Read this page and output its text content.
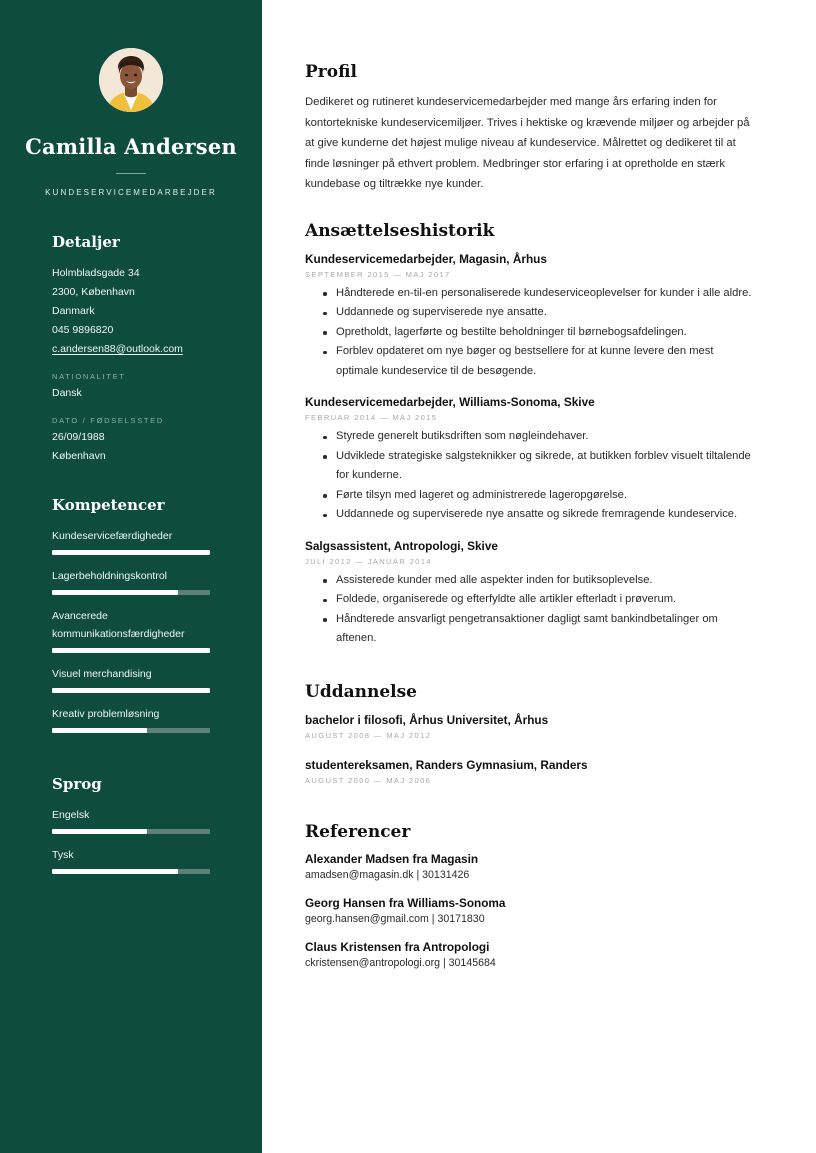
Camilla Andersen
KUNDESERVICEMEDARBEJDER
Detaljer
Holmbladsgade 34
2300, København
Danmark
045 9896820
c.andersen88@outlook.com
NATIONALITET
Dansk
DATO / FØDSELSSTED
26/09/1988
København
Kompetencer
Kundeservicefærdigheder
Lagerbeholdningskontrol
Avancerede kommunikationsfærdigheder
Visuel merchandising
Kreativ problemløsning
Sprog
Engelsk
Tysk
Profil

Dedikeret og rutineret kundeservicemedarbejder med mange års erfaring inden for kontortekniske kundeservicemiljøer. Trives i hektiske og krævende miljøer og arbejder på at give kunderne det højest mulige niveau af kundeservice. Målrettet og dedikeret til at finde løsninger på ethvert problem. Medbringer stor erfaring i at opretholde en stærk kundebase og tiltrække nye kunder.

Ansættelseshistorik
Kundeservicemedarbejder, Magasin, Århus
SEPTEMBER 2015 — MAJ 2017
Håndterede en-til-en personaliserede kundeserviceoplevelser for kunder i alle aldre.
Uddannede og superviserede nye ansatte.
Opretholdt, lagerførte og bestilte beholdninger til børnebogsafdelingen.
Forblev opdateret om nye bøger og bestsellere for at kunne levere den mest optimale kundeservice til de besøgende.
Kundeservicemedarbejder, Williams-Sonoma, Skive
FEBRUAR 2014 — MAJ 2015
Styrede generelt butiksdriften som nøgleindehaver.
Udviklede strategiske salgsteknikker og sikrede, at butikken forblev visuelt tiltalende for kunderne.
Førte tilsyn med lageret og administrerede lageropgørelse.
Uddannede og superviserede nye ansatte og sikrede fremragende kundeservice.
Salgsassistent, Antropologi, Skive
JULI 2012 — JANUAR 2014
Assisterede kunder med alle aspekter inden for butiksoplevelse.
Foldede, organiserede og efterfyldte alle artikler efterladt i prøverum.
Håndterede ansvarligt pengetransaktioner dagligt samt bankindbetalinger om aftenen.
Uddannelse
bachelor i filosofi, Århus Universitet, Århus
AUGUST 2008 — MAJ 2012
studentereksamen, Randers Gymnasium, Randers
AUGUST 2000 — MAJ 2006
Referencer
Alexander Madsen fra Magasin
amadsen@magasin.dk | 30131426
Georg Hansen fra Williams-Sonoma
georg.hansen@gmail.com | 30171830
Claus Kristensen fra Antropologi
ckristensen@antropologi.org | 30145684
